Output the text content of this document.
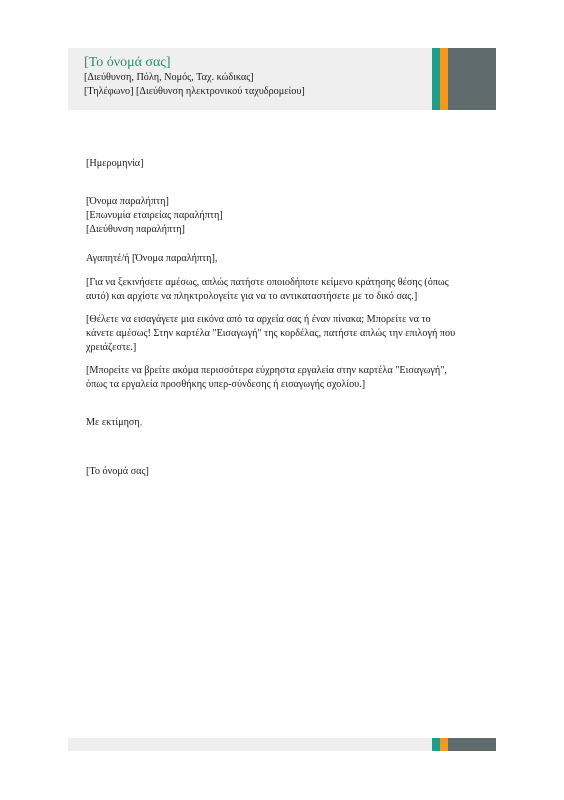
[Το όνομά σας]
[Διεύθυνση, Πόλη, Νομός, Ταχ. κώδικας]
[Τηλέφωνο] [Διεύθυνση ηλεκτρονικού ταχυδρομείου]
[Ημερομηνία]
[Όνομα παραλήπτη]
[Επωνυμία εταιρείας παραλήπτη]
[Διεύθυνση παραλήπτη]
Αγαπητέ/ή [Όνομα παραλήπτη],
[Για να ξεκινήσετε αμέσως, απλώς πατήστε οποιοδήποτε κείμενο κράτησης θέσης (όπως
αυτό) και αρχίστε να πληκτρολογείτε για να το αντικαταστήσετε με το δικό σας.]
[Θέλετε να εισαγάγετε μια εικόνα από τα αρχεία σας ή έναν πίνακα; Μπορείτε να το
κάνετε αμέσως! Στην καρτέλα "Εισαγωγή" της κορδέλας, πατήστε απλώς την επιλογή που
χρειάζεστε.]
[Μπορείτε να βρείτε ακόμα περισσότερα εύχρηστα εργαλεία στην καρτέλα "Εισαγωγή",
όπως τα εργαλεία προσθήκης υπερ-σύνδεσης ή εισαγωγής σχολίου.]
Με εκτίμηση,
[Το όνομά σας]
